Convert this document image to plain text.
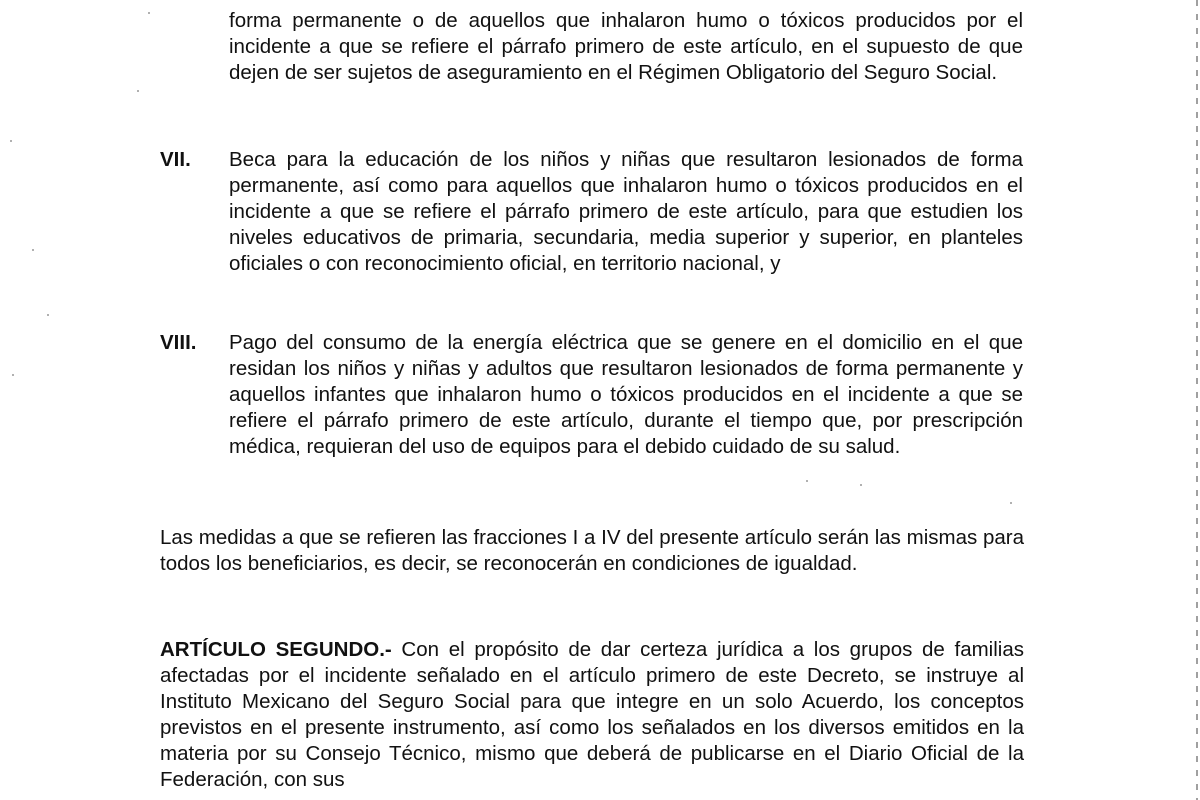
forma permanente o de aquellos que inhalaron humo o tóxicos producidos por el incidente a que se refiere el párrafo primero de este artículo, en el supuesto de que dejen de ser sujetos de aseguramiento en el Régimen Obligatorio del Seguro Social.

VII. Beca para la educación de los niños y niñas que resultaron lesionados de forma permanente, así como para aquellos que inhalaron humo o tóxicos producidos en el incidente a que se refiere el párrafo primero de este artículo, para que estudien los niveles educativos de primaria, secundaria, media superior y superior, en planteles oficiales o con reconocimiento oficial, en territorio nacional, y

VIII. Pago del consumo de la energía eléctrica que se genere en el domicilio en el que residan los niños y niñas y adultos que resultaron lesionados de forma permanente y aquellos infantes que inhalaron humo o tóxicos producidos en el incidente a que se refiere el párrafo primero de este artículo, durante el tiempo que, por prescripción médica, requieran del uso de equipos para el debido cuidado de su salud.

Las medidas a que se refieren las fracciones I a IV del presente artículo serán las mismas para todos los beneficiarios, es decir, se reconocerán en condiciones de igualdad.

ARTÍCULO SEGUNDO.- Con el propósito de dar certeza jurídica a los grupos de familias afectadas por el incidente señalado en el artículo primero de este Decreto, se instruye al Instituto Mexicano del Seguro Social para que integre en un solo Acuerdo, los conceptos previstos en el presente instrumento, así como los señalados en los diversos emitidos en la materia por su Consejo Técnico, mismo que deberá de publicarse en el Diario Oficial de la Federación, con sus
